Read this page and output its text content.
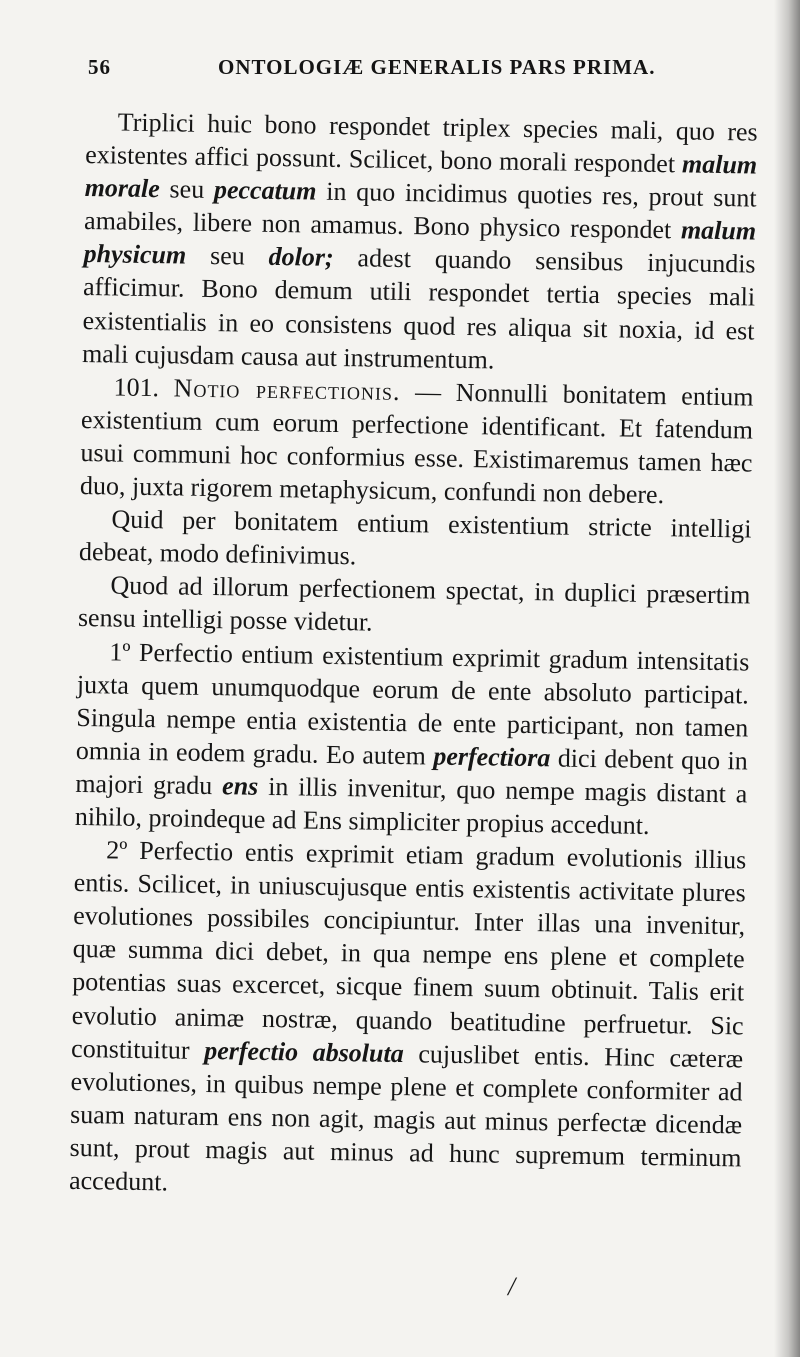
56	ONTOLOGIÆ GENERALIS PARS PRIMA.

Triplici huic bono respondet triplex species mali, quo res existentes affici possunt. Scilicet, bono morali respondet malum morale seu peccatum in quo incidimus quoties res, prout sunt amabiles, libere non amamus. Bono physico respondet malum physicum seu dolor; adest quando sensibus injucundis afficimur. Bono demum utili respondet tertia species mali existentialis in eo consistens quod res aliqua sit noxia, id est mali cujusdam causa aut instrumentum.

101. Notio perfectionis. — Nonnulli bonitatem entium existentium cum eorum perfectione identificant. Et fatendum usui communi hoc conformius esse. Existimaremus tamen hæc duo, juxta rigorem metaphysicum, confundi non debere.

Quid per bonitatem entium existentium stricte intelligi debeat, modo definivimus.

Quod ad illorum perfectionem spectat, in duplici præsertim sensu intelligi posse videtur.

1º Perfectio entium existentium exprimit gradum intensitatis juxta quem unumquodque eorum de ente absoluto participat. Singula nempe entia existentia de ente participant, non tamen omnia in eodem gradu. Eo autem perfectiora dici debent quo in majori gradu ens in illis invenitur, quo nempe magis distant a nihilo, proindeque ad Ens simpliciter propius accedunt.

2º Perfectio entis exprimit etiam gradum evolutionis illius entis. Scilicet, in uniuscujusque entis existentis activitate plures evolutiones possibiles concipiuntur. Inter illas una invenitur, quæ summa dici debet, in qua nempe ens plene et complete potentias suas excercet, sicque finem suum obtinuit. Talis erit evolutio animæ nostræ, quando beatitudine perfruetur. Sic constituitur perfectio absoluta cujuslibet entis. Hinc cæteræ evolutiones, in quibus nempe plene et complete conformiter ad suam naturam ens non agit, magis aut minus perfectæ dicendæ sunt, prout magis aut minus ad hunc supremum terminum accedunt.

/
